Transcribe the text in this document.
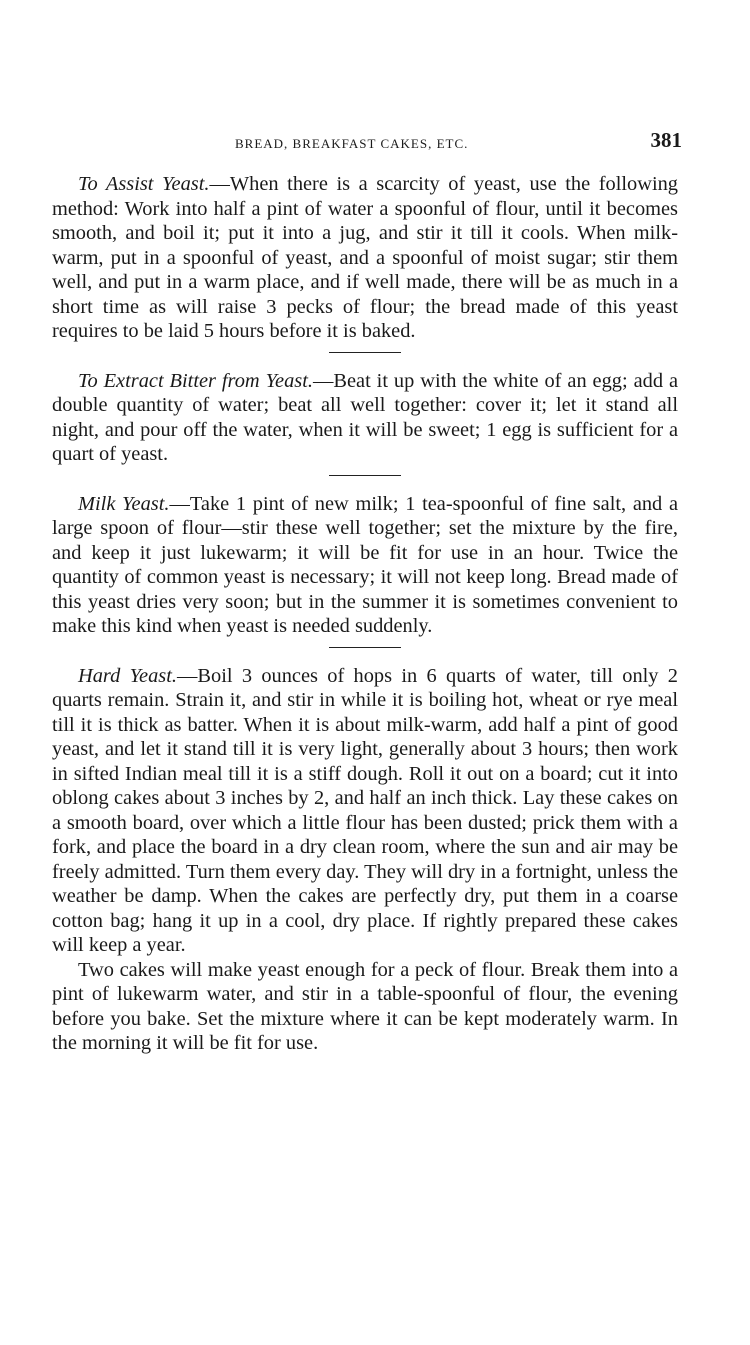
BREAD, BREAKFAST CAKES, ETC.	381

To Assist Yeast.—When there is a scarcity of yeast, use the following method: Work into half a pint of water a spoonful of flour, until it becomes smooth, and boil it; put it into a jug, and stir it till it cools. When milk-warm, put in a spoonful of yeast, and a spoonful of moist sugar; stir them well, and put in a warm place, and if well made, there will be as much in a short time as will raise 3 pecks of flour; the bread made of this yeast requires to be laid 5 hours before it is baked.

To Extract Bitter from Yeast.—Beat it up with the white of an egg; add a double quantity of water; beat all well together: cover it; let it stand all night, and pour off the water, when it will be sweet; 1 egg is sufficient for a quart of yeast.

Milk Yeast.—Take 1 pint of new milk; 1 tea-spoonful of fine salt, and a large spoon of flour—stir these well together; set the mixture by the fire, and keep it just lukewarm; it will be fit for use in an hour. Twice the quantity of common yeast is necessary; it will not keep long. Bread made of this yeast dries very soon; but in the summer it is sometimes convenient to make this kind when yeast is needed suddenly.

Hard Yeast.—Boil 3 ounces of hops in 6 quarts of water, till only 2 quarts remain. Strain it, and stir in while it is boiling hot, wheat or rye meal till it is thick as batter. When it is about milk-warm, add half a pint of good yeast, and let it stand till it is very light, generally about 3 hours; then work in sifted Indian meal till it is a stiff dough. Roll it out on a board; cut it into oblong cakes about 3 inches by 2, and half an inch thick. Lay these cakes on a smooth board, over which a little flour has been dusted; prick them with a fork, and place the board in a dry clean room, where the sun and air may be freely admitted. Turn them every day. They will dry in a fortnight, unless the weather be damp. When the cakes are perfectly dry, put them in a coarse cotton bag; hang it up in a cool, dry place. If rightly prepared these cakes will keep a year.

Two cakes will make yeast enough for a peck of flour. Break them into a pint of lukewarm water, and stir in a table-spoonful of flour, the evening before you bake. Set the mixture where it can be kept moderately warm. In the morning it will be fit for use.
